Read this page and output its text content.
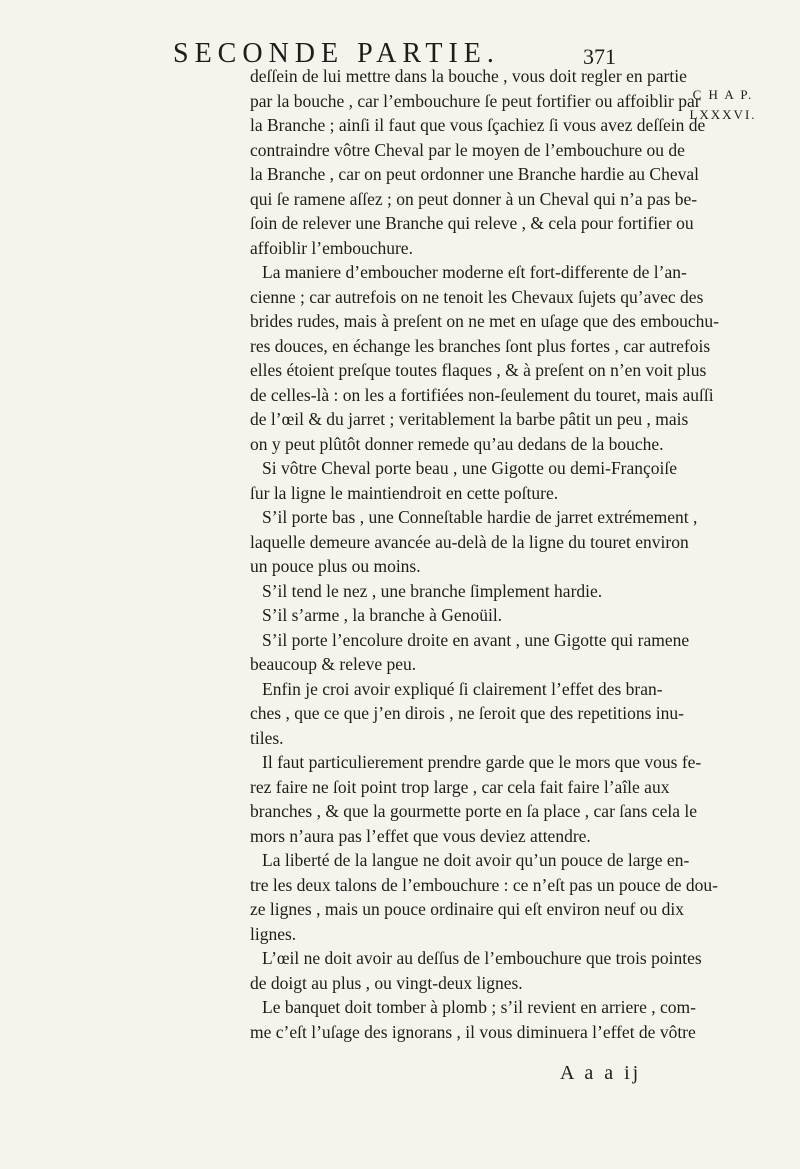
SECONDE PARTIE.	371
C H A P.
LXXXVI.
deſſein de lui mettre dans la bouche , vous doit regler en partie
par la bouche , car l’embouchure ſe peut fortifier ou affoiblir par
la Branche ; ainſi il faut que vous ſçachiez ſi vous avez deſſein de
contraindre vôtre Cheval par le moyen de l’embouchure ou de
la Branche , car on peut ordonner une Branche hardie au Cheval
qui ſe ramene aſſez ; on peut donner à un Cheval qui n’a pas be-
ſoin de relever une Branche qui releve , & cela pour fortifier ou
affoiblir l’embouchure.
La maniere d’emboucher moderne eſt fort-differente de l’an-
cienne ; car autrefois on ne tenoit les Chevaux ſujets qu’avec des
brides rudes, mais à preſent on ne met en uſage que des embouchu-
res douces, en échange les branches ſont plus fortes , car autrefois
elles étoient preſque toutes flaques , & à preſent on n’en voit plus
de celles-là : on les a fortifiées non-ſeulement du touret, mais auſſi
de l’œil & du jarret ; veritablement la barbe pâtit un peu , mais
on y peut plûtôt donner remede qu’au dedans de la bouche.
Si vôtre Cheval porte beau , une Gigotte ou demi-Françoiſe
ſur la ligne le maintiendroit en cette poſture.
S’il porte bas , une Conneſtable hardie de jarret extrémement ,
laquelle demeure avancée au-delà de la ligne du touret environ
un pouce plus ou moins.
S’il tend le nez , une branche ſimplement hardie.
S’il s’arme , la branche à Genoüil.
S’il porte l’encolure droite en avant , une Gigotte qui ramene
beaucoup & releve peu.
Enfin je croi avoir expliqué ſi clairement l’effet des bran-
ches , que ce que j’en dirois , ne ſeroit que des repetitions inu-
tiles.
Il faut particulierement prendre garde que le mors que vous fe-
rez faire ne ſoit point trop large , car cela fait faire l’aîle aux
branches , & que la gourmette porte en ſa place , car ſans cela le
mors n’aura pas l’effet que vous deviez attendre.
La liberté de la langue ne doit avoir qu’un pouce de large en-
tre les deux talons de l’embouchure : ce n’eſt pas un pouce de dou-
ze lignes , mais un pouce ordinaire qui eſt environ neuf ou dix
lignes.
L’œil ne doit avoir au deſſus de l’embouchure que trois pointes
de doigt au plus , ou vingt-deux lignes.
Le banquet doit tomber à plomb ; s’il revient en arriere , com-
me c’eſt l’uſage des ignorans , il vous diminuera l’effet de vôtre
A a a ij
